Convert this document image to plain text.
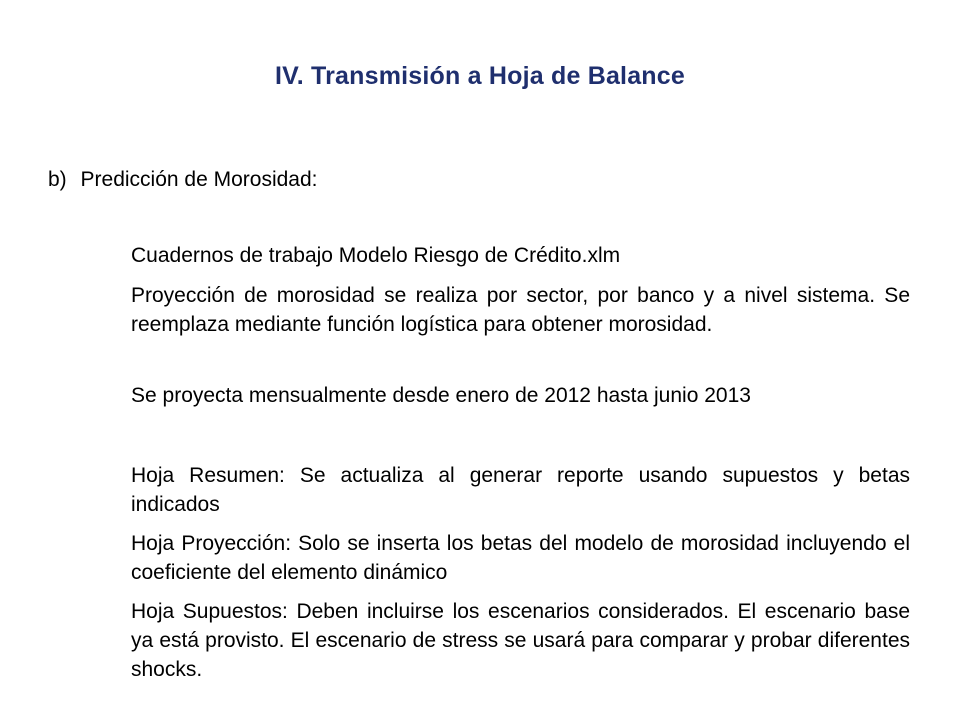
IV. Transmisión a Hoja de Balance
b) Predicción de Morosidad:

Cuadernos de trabajo Modelo Riesgo de Crédito.xlm

Proyección de morosidad se realiza por sector, por banco y a nivel sistema. Se reemplaza mediante función logística para obtener morosidad.

Se proyecta mensualmente desde enero de 2012 hasta junio 2013

Hoja Resumen: Se actualiza al generar reporte usando supuestos y betas indicados

Hoja Proyección: Solo se inserta los betas del modelo de morosidad incluyendo el coeficiente del elemento dinámico

Hoja Supuestos: Deben incluirse los escenarios considerados. El escenario base ya está provisto. El escenario de stress se usará para comparar y probar diferentes shocks.
